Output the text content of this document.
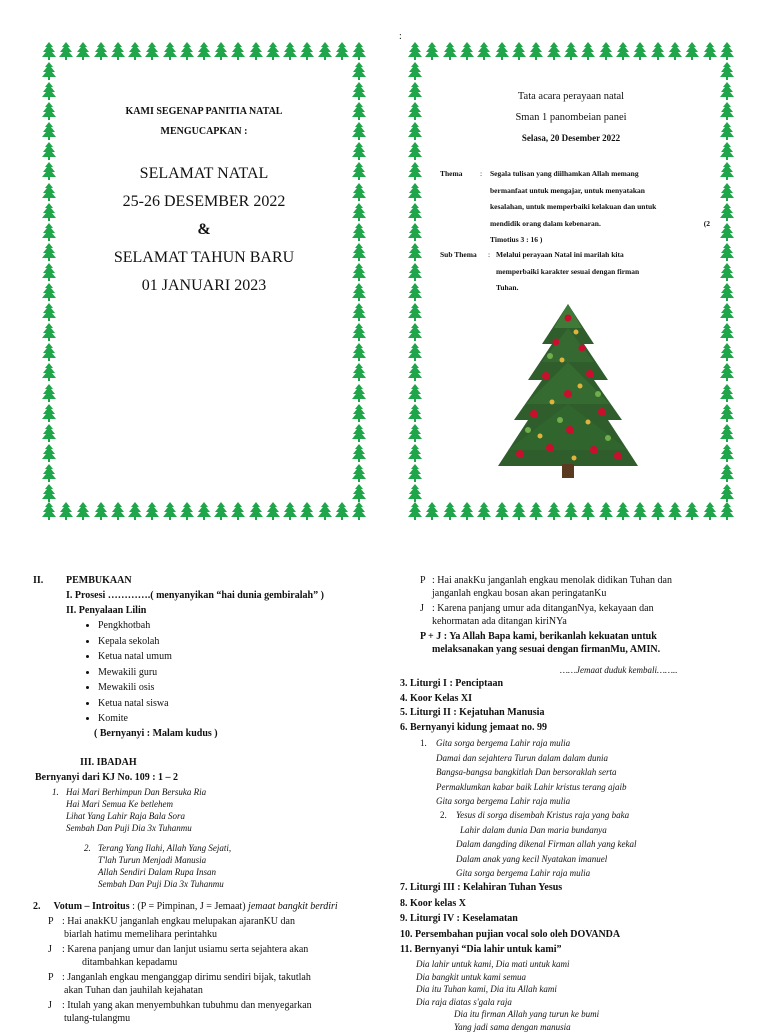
:
KAMI SEGENAP PANITIA NATAL
MENGUCAPKAN :
SELAMAT NATAL
25-26 DESEMBER 2022
&
SELAMAT TAHUN BARU
01 JANUARI 2023
Tata acara perayaan natal
Sman 1 panombeian panei
Selasa, 20 Desember 2022
Thema : Segala tulisan yang diilhamkan Allah memang
bermanfaat untuk mengajar, untuk menyatakan
kesalahan, untuk memperbaiki kelakuan dan untuk
mendidik orang dalam kebenaran.	(2
Timotius 3 : 16 )
Sub Thema : Melalui perayaan Natal ini marilah kita
memperbaiki karakter sesuai dengan firman
Tuhan.
II. PEMBUKAAN
I. Prosesi ………….( menyanyikan “hai dunia gembiralah” )
II. Penyalaan Lilin
• Pengkhotbah
• Kepala sekolah
• Ketua natal umum
• Mewakili guru
• Mewakili osis
• Ketua natal siswa
• Komite
( Bernyanyi : Malam kudus )
III. IBADAH
Bernyanyi dari KJ No. 109 : 1 – 2
1. Hai Mari Berhimpun Dan Bersuka Ria
Hai Mari Semua Ke betlehem
Lihat Yang Lahir Raja Bala Sora
Sembah Dan Puji Dia 3x Tuhanmu
2. Terang Yang Ilahi, Allah Yang Sejati,
T'lah Turun Menjadi Manusia
Allah Sendiri Dalam Rupa Insan
Sembah Dan Puji Dia 3x Tuhanmu
2. Votum – Introitus : (P = Pimpinan, J = Jemaat) jemaat bangkit berdiri
P : Hai anakKU janganlah engkau melupakan ajaranKU dan
biarlah hatimu memelihara perintahku
J : Karena panjang umur dan lanjut usiamu serta sejahtera akan
ditambahkan kepadamu
P : Janganlah engkau menganggap dirimu sendiri bijak, takutlah
akan Tuhan dan jauhilah kejahatan
J : Itulah yang akan menyembuhkan tubuhmu dan menyegarkan
tulang-tulangmu
P : Hai anakKu janganlah engkau menolak didikan Tuhan dan
janganlah engkau bosan akan peringatanKu
J : Karena panjang umur ada ditanganNya, kekayaan dan
kehormatan ada ditangan kiriNYa
P + J : Ya Allah Bapa kami, berikanlah kekuatan untuk
melaksanakan yang sesuai dengan firmanMu, AMIN.
……Jemaat duduk kembali……..
3. Liturgi I : Penciptaan
4. Koor Kelas XI
5. Liturgi II : Kejatuhan Manusia
6. Bernyanyi kidung jemaat no. 99
1. Gita sorga bergema Lahir raja mulia
Damai dan sejahtera Turun dalam dalam dunia
Bangsa-bangsa bangkitlah Dan bersoraklah serta
Permaklumkan kabar baik Lahir kristus terang ajaib
Gita sorga bergema Lahir raja mulia
2. Yesus di sorga disembah Kristus raja yang baka
Lahir dalam dunia Dan maria bundanya
Dalam dangding dikenal Firman allah yang kekal
Dalam anak yang kecil Nyatakan imanuel
Gita sorga bergema Lahir raja mulia
7. Liturgi III : Kelahiran Tuhan Yesus
8. Koor kelas X
9. Liturgi IV : Keselamatan
10. Persembahan pujian vocal solo oleh DOVANDA
11. Bernyanyi “Dia lahir untuk kami”
Dia lahir untuk kami, Dia mati untuk kami
Dia bangkit untuk kami semua
Dia itu Tuhan kami, Dia itu Allah kami
Dia raja diatas s'gala raja
Dia itu firman Allah yang turun ke bumi
Yang jadi sama dengan manusia
